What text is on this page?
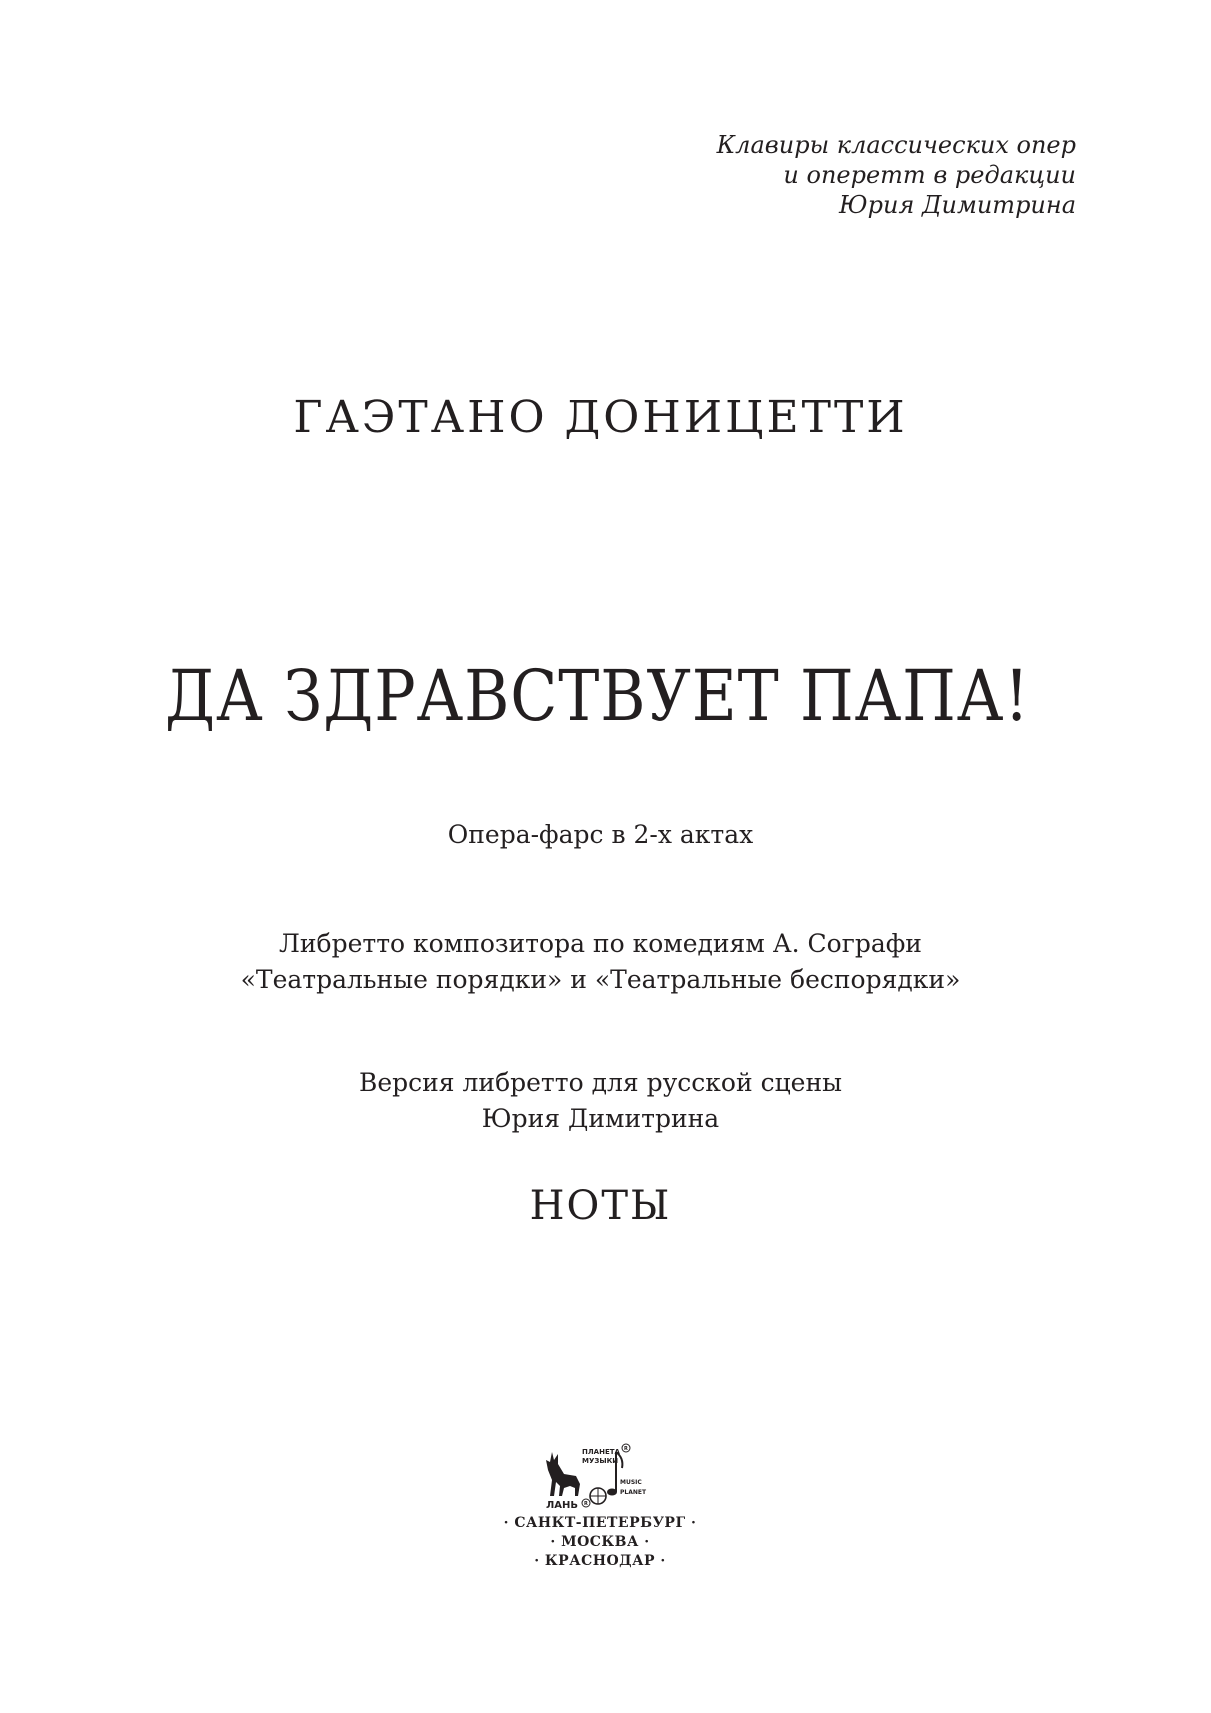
Клавиры классических опер
и оперетт в редакции
Юрия Димитрина
ГАЭТАНО ДОНИЦЕТТИ
ДА ЗДРАВСТВУЕТ ПАПА!
Опера-фарс в 2-х актах
Либретто композитора по комедиям А. Сографи
«Театральные порядки» и «Театральные беспорядки»
Версия либретто для русской сцены
Юрия Димитрина
НОТЫ
ЛАНЬ R
ПЛАНЕТА
МУЗЫКИ
R
MUSIC
PLANET
· САНКТ-ПЕТЕРБУРГ ·
· МОСКВА ·
· КРАСНОДАР ·
